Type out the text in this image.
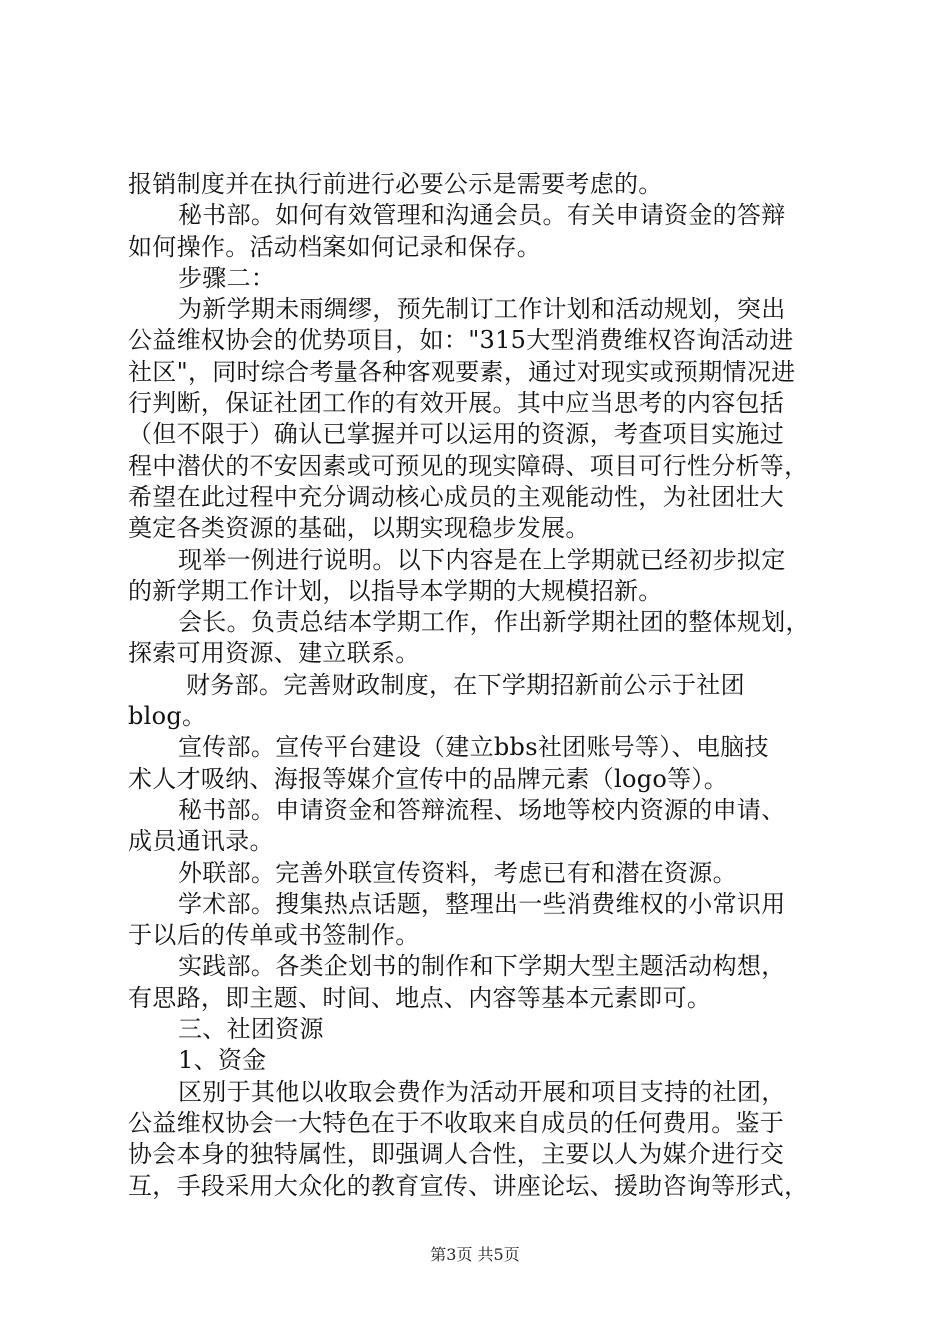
报销制度并在执行前进行必要公示是需要考虑的。
秘书部。如何有效管理和沟通会员。有关申请资金的答辩
如何操作。活动档案如何记录和保存。
步骤二：
为新学期未雨绸缪，预先制订工作计划和活动规划，突出
公益维权协会的优势项目，如："315大型消费维权咨询活动进
社区"，同时综合考量各种客观要素，通过对现实或预期情况进
行判断，保证社团工作的有效开展。其中应当思考的内容包括
（但不限于）确认已掌握并可以运用的资源，考查项目实施过
程中潜伏的不安因素或可预见的现实障碍、项目可行性分析等，
希望在此过程中充分调动核心成员的主观能动性，为社团壮大
奠定各类资源的基础，以期实现稳步发展。
现举一例进行说明。以下内容是在上学期就已经初步拟定
的新学期工作计划，以指导本学期的大规模招新。
会长。负责总结本学期工作，作出新学期社团的整体规划，
探索可用资源、建立联系。
财务部。完善财政制度，在下学期招新前公示于社团
blog。
宣传部。宣传平台建设（建立bbs社团账号等）、电脑技
术人才吸纳、海报等媒介宣传中的品牌元素（logo等）。
秘书部。申请资金和答辩流程、场地等校内资源的申请、
成员通讯录。
外联部。完善外联宣传资料，考虑已有和潜在资源。
学术部。搜集热点话题，整理出一些消费维权的小常识用
于以后的传单或书签制作。
实践部。各类企划书的制作和下学期大型主题活动构想，
有思路，即主题、时间、地点、内容等基本元素即可。
三、社团资源
1、资金
区别于其他以收取会费作为活动开展和项目支持的社团，
公益维权协会一大特色在于不收取来自成员的任何费用。鉴于
协会本身的独特属性，即强调人合性，主要以人为媒介进行交
互，手段采用大众化的教育宣传、讲座论坛、援助咨询等形式，
第3页 共5页
